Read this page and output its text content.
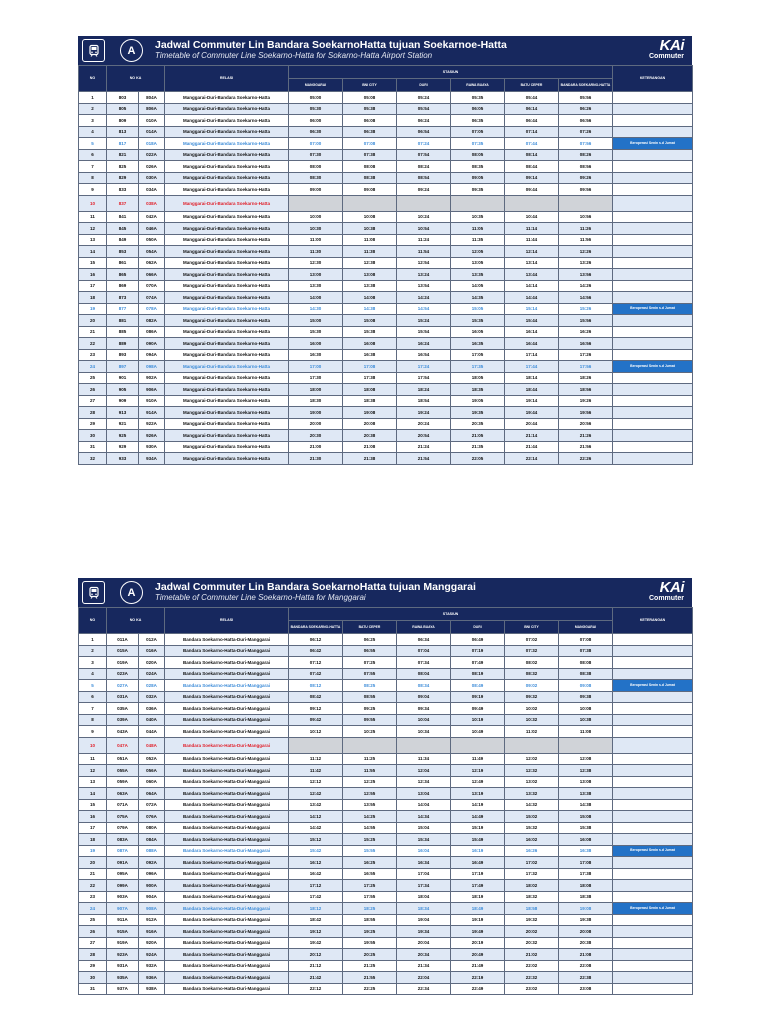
A	Jadwal Commuter Lin Bandara SoekarnoHatta tujuan Soekarnoe-Hatta
Timetable of Commuter Line Soekarno-Hatta for Sokarno-Hatta Airport Station
KAi
Commuter
NO	NO KA		RELASI	STASIUN						KETERANGAN
				MANGGARAI	BNI CITY	DURI	RAWA BUAYA	BATU CEPER	BANDARA SOEKARNO-HATTA	
1	803	804A	Manggarai-Duri-Bandara Soekarno-Hatta	05:00	05:08	05:24	05:35	05:44	05:56	
2	805	806A	Manggarai-Duri-Bandara Soekarno-Hatta	05:30	05:38	05:54	06:05	06:14	06:26	
3	809	010A	Manggarai-Duri-Bandara Soekarno-Hatta	06:00	06:08	06:24	06:35	06:44	06:56	
4	813	014A	Manggarai-Duri-Bandara Soekarno-Hatta	06:30	06:38	06:54	07:05	07:14	07:26	
5	817	018A	Manggarai-Duri-Bandara Soekarno-Hatta	07:00	07:08	07:24	07:35	07:44	07:56	Beroperasi Senin s.d Jumat
6	821	022A	Manggarai-Duri-Bandara Soekarno-Hatta	07:30	07:38	07:54	08:05	08:14	08:26	
7	825	026A	Manggarai-Duri-Bandara Soekarno-Hatta	08:00	08:08	08:24	08:35	08:44	08:56	
8	829	030A	Manggarai-Duri-Bandara Soekarno-Hatta	08:30	08:38	08:54	09:05	09:14	09:26	
9	833	034A	Manggarai-Duri-Bandara Soekarno-Hatta	09:00	09:08	09:24	09:35	09:44	09:56	
10	837	038A	Manggarai-Duri-Bandara Soekarno-Hatta							
11	841	042A	Manggarai-Duri-Bandara Soekarno-Hatta	10:00	10:08	10:24	10:35	10:44	10:56	
12	845	046A	Manggarai-Duri-Bandara Soekarno-Hatta	10:30	10:38	10:54	11:05	11:14	11:26	
13	849	050A	Manggarai-Duri-Bandara Soekarno-Hatta	11:00	11:08	11:24	11:35	11:44	11:56	
14	853	054A	Manggarai-Duri-Bandara Soekarno-Hatta	11:30	11:38	11:54	12:05	12:14	12:26	
15	861	062A	Manggarai-Duri-Bandara Soekarno-Hatta	12:30	12:38	12:54	13:05	13:14	13:26	
16	865	066A	Manggarai-Duri-Bandara Soekarno-Hatta	13:00	13:08	13:24	13:35	13:44	13:56	
17	869	070A	Manggarai-Duri-Bandara Soekarno-Hatta	13:30	13:38	13:54	14:05	14:14	14:26	
18	873	074A	Manggarai-Duri-Bandara Soekarno-Hatta	14:00	14:08	14:24	14:35	14:44	14:56	
19	877	078A	Manggarai-Duri-Bandara Soekarno-Hatta	14:30	14:38	14:54	15:05	15:14	15:26	Beroperasi Senin s.d Jumat
20	881	082A	Manggarai-Duri-Bandara Soekarno-Hatta	15:00	15:08	15:24	15:35	15:44	15:56	
21	885	086A	Manggarai-Duri-Bandara Soekarno-Hatta	15:30	15:38	15:54	16:05	16:14	16:26	
22	889	090A	Manggarai-Duri-Bandara Soekarno-Hatta	16:00	16:08	16:24	16:35	16:44	16:56	
23	893	094A	Manggarai-Duri-Bandara Soekarno-Hatta	16:30	16:38	16:54	17:05	17:14	17:26	
24	897	098A	Manggarai-Duri-Bandara Soekarno-Hatta	17:00	17:08	17:24	17:35	17:44	17:56	Beroperasi Senin s.d Jumat
25	901	902A	Manggarai-Duri-Bandara Soekarno-Hatta	17:30	17:38	17:54	18:05	18:14	18:26	
26	905	906A	Manggarai-Duri-Bandara Soekarno-Hatta	18:00	18:08	18:24	18:35	18:44	18:56	
27	909	910A	Manggarai-Duri-Bandara Soekarno-Hatta	18:30	18:38	18:54	19:05	19:14	19:26	
28	913	914A	Manggarai-Duri-Bandara Soekarno-Hatta	19:00	19:08	19:24	19:35	19:44	19:56	
29	921	922A	Manggarai-Duri-Bandara Soekarno-Hatta	20:00	20:08	20:24	20:35	20:44	20:56	
30	925	926A	Manggarai-Duri-Bandara Soekarno-Hatta	20:30	20:38	20:54	21:05	21:14	21:26	
31	929	930A	Manggarai-Duri-Bandara Soekarno-Hatta	21:00	21:08	21:24	21:35	21:44	21:56	
32	933	934A	Manggarai-Duri-Bandara Soekarno-Hatta	21:30	21:38	21:54	22:05	22:14	22:26	
A	Jadwal Commuter Lin Bandara SoekarnoHatta tujuan Manggarai
Timetable of Commuter Line Soekarno-Hatta for Manggarai
KAi
Commuter
NO	NO KA		RELASI	STASIUN						KETERANGAN
				BANDARA SOEKARNO-HATTA	BATU CEPER	RAWA BUAYA	DURI	BNI CITY	MANGGARAI	
1	011A	012A	Bandara Soekarno-Hatta-Duri-Manggarai	06:12	06:25	06:34	06:49	07:02	07:08	
2	015A	016A	Bandara Soekarno-Hatta-Duri-Manggarai	06:42	06:55	07:04	07:19	07:32	07:38	
3	019A	020A	Bandara Soekarno-Hatta-Duri-Manggarai	07:12	07:25	07:34	07:49	08:02	08:08	
4	023A	024A	Bandara Soekarno-Hatta-Duri-Manggarai	07:42	07:55	08:04	08:19	08:32	08:38	
5	027A	028A	Bandara Soekarno-Hatta-Duri-Manggarai	08:12	08:25	08:34	08:49	09:02	09:08	Beroperasi Senin s.d Jumat
6	031A	032A	Bandara Soekarno-Hatta-Duri-Manggarai	08:42	08:55	09:04	09:19	09:32	09:38	
7	035A	036A	Bandara Soekarno-Hatta-Duri-Manggarai	09:12	09:25	09:34	09:49	10:02	10:08	
8	039A	040A	Bandara Soekarno-Hatta-Duri-Manggarai	09:42	09:55	10:04	10:19	10:32	10:38	
9	043A	044A	Bandara Soekarno-Hatta-Duri-Manggarai	10:12	10:25	10:34	10:49	11:02	11:08	
10	047A	048A	Bandara Soekarno-Hatta-Duri-Manggarai							
11	051A	052A	Bandara Soekarno-Hatta-Duri-Manggarai	11:12	11:25	11:34	11:49	12:02	12:08	
12	055A	056A	Bandara Soekarno-Hatta-Duri-Manggarai	11:42	11:55	12:04	12:19	12:32	12:38	
13	059A	060A	Bandara Soekarno-Hatta-Duri-Manggarai	12:12	12:25	12:34	12:49	13:02	13:08	
14	063A	064A	Bandara Soekarno-Hatta-Duri-Manggarai	12:42	12:55	13:04	13:19	13:32	13:38	
15	071A	072A	Bandara Soekarno-Hatta-Duri-Manggarai	13:42	13:55	14:04	14:19	14:32	14:38	
16	075A	076A	Bandara Soekarno-Hatta-Duri-Manggarai	14:12	14:25	14:34	14:49	15:02	15:08	
17	079A	080A	Bandara Soekarno-Hatta-Duri-Manggarai	14:42	14:55	15:04	15:19	15:32	15:38	
18	083A	084A	Bandara Soekarno-Hatta-Duri-Manggarai	15:12	15:25	15:34	15:49	16:02	16:08	
19	087A	088A	Bandara Soekarno-Hatta-Duri-Manggarai	15:42	15:55	16:04	16:19	16:26	16:38	Beroperasi Senin s.d Jumat
20	091A	092A	Bandara Soekarno-Hatta-Duri-Manggarai	16:12	16:25	16:34	16:49	17:02	17:08	
21	095A	096A	Bandara Soekarno-Hatta-Duri-Manggarai	16:42	16:55	17:04	17:19	17:32	17:38	
22	099A	900A	Bandara Soekarno-Hatta-Duri-Manggarai	17:12	17:25	17:34	17:49	18:02	18:08	
23	903A	904A	Bandara Soekarno-Hatta-Duri-Manggarai	17:42	17:55	18:04	18:19	18:32	18:38	
24	907A	908A	Bandara Soekarno-Hatta-Duri-Manggarai	18:12	18:25	18:34	18:49	18:58	19:08	Beroperasi Senin s.d Jumat
25	911A	912A	Bandara Soekarno-Hatta-Duri-Manggarai	18:42	18:55	19:04	19:19	19:32	19:38	
26	915A	916A	Bandara Soekarno-Hatta-Duri-Manggarai	19:12	19:25	19:34	19:49	20:02	20:08	
27	919A	920A	Bandara Soekarno-Hatta-Duri-Manggarai	19:42	19:55	20:04	20:19	20:32	20:38	
28	923A	924A	Bandara Soekarno-Hatta-Duri-Manggarai	20:12	20:25	20:34	20:49	21:02	21:08	
29	931A	932A	Bandara Soekarno-Hatta-Duri-Manggarai	21:12	21:25	21:34	21:49	22:02	22:08	
30	935A	936A	Bandara Soekarno-Hatta-Duri-Manggarai	21:42	21:55	22:04	22:19	22:32	22:38	
31	937A	938A	Bandara Soekarno-Hatta-Duri-Manggarai	22:12	22:25	22:34	22:49	23:02	23:08	
